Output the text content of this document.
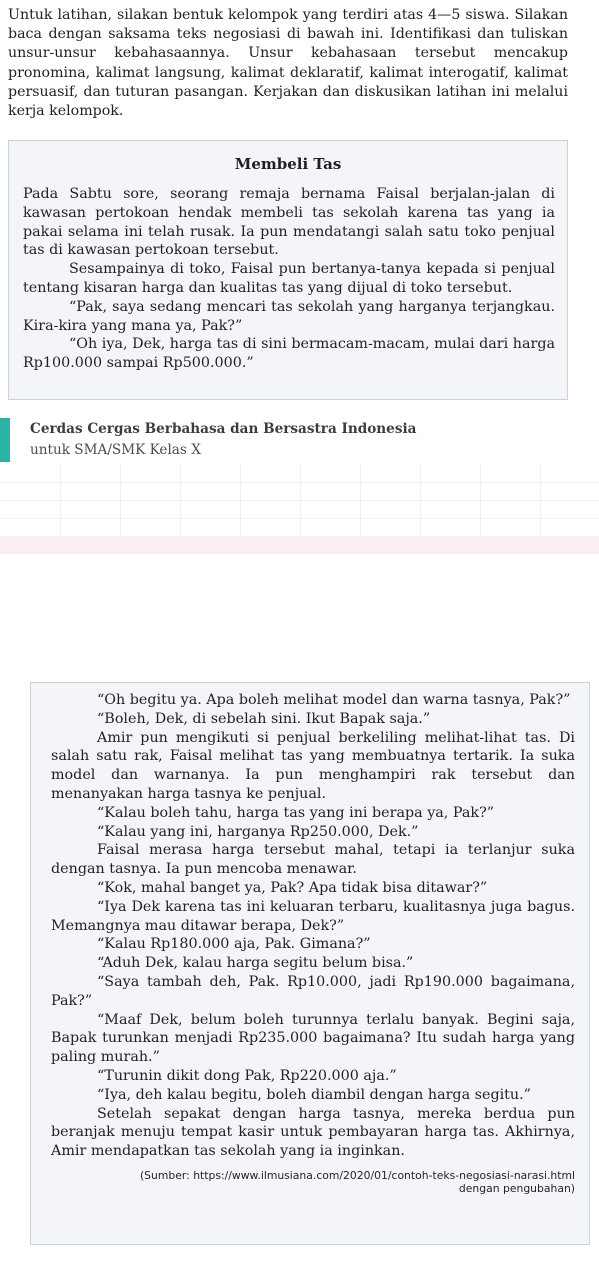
Untuk latihan, silakan bentuk kelompok yang terdiri atas 4—5 siswa. Silakan baca dengan saksama teks negosiasi di bawah ini. Identifikasi dan tuliskan unsur-unsur kebahasaannya. Unsur kebahasaan tersebut mencakup pronomina, kalimat langsung, kalimat deklaratif, kalimat interogatif, kalimat persuasif, dan tuturan pasangan. Kerjakan dan diskusikan latihan ini melalui kerja kelompok.

Membeli Tas

Pada Sabtu sore, seorang remaja bernama Faisal berjalan-jalan di kawasan pertokoan hendak membeli tas sekolah karena tas yang ia pakai selama ini telah rusak. Ia pun mendatangi salah satu toko penjual tas di kawasan pertokoan tersebut.

Sesampainya di toko, Faisal pun bertanya-tanya kepada si penjual tentang kisaran harga dan kualitas tas yang dijual di toko tersebut.

“Pak, saya sedang mencari tas sekolah yang harganya terjangkau. Kira-kira yang mana ya, Pak?”

“Oh iya, Dek, harga tas di sini bermacam-macam, mulai dari harga Rp100.000 sampai Rp500.000.”

Cerdas Cergas Berbahasa dan Bersastra Indonesia
untuk SMA/SMK Kelas X

“Oh begitu ya. Apa boleh melihat model dan warna tasnya, Pak?”

“Boleh, Dek, di sebelah sini. Ikut Bapak saja.”

Amir pun mengikuti si penjual berkeliling melihat-lihat tas. Di salah satu rak, Faisal melihat tas yang membuatnya tertarik. Ia suka model dan warnanya. Ia pun menghampiri rak tersebut dan menanyakan harga tasnya ke penjual.

“Kalau boleh tahu, harga tas yang ini berapa ya, Pak?”

“Kalau yang ini, harganya Rp250.000, Dek.”

Faisal merasa harga tersebut mahal, tetapi ia terlanjur suka dengan tasnya. Ia pun mencoba menawar.

“Kok, mahal banget ya, Pak? Apa tidak bisa ditawar?”

“Iya Dek karena tas ini keluaran terbaru, kualitasnya juga bagus. Memangnya mau ditawar berapa, Dek?”

“Kalau Rp180.000 aja, Pak. Gimana?”

“Aduh Dek, kalau harga segitu belum bisa.”

“Saya tambah deh, Pak. Rp10.000, jadi Rp190.000 bagaimana, Pak?”

“Maaf Dek, belum boleh turunnya terlalu banyak. Begini saja, Bapak turunkan menjadi Rp235.000 bagaimana? Itu sudah harga yang paling murah.”

“Turunin dikit dong Pak, Rp220.000 aja.”

“Iya, deh kalau begitu, boleh diambil dengan harga segitu.”

Setelah sepakat dengan harga tasnya, mereka berdua pun beranjak menuju tempat kasir untuk pembayaran harga tas. Akhirnya, Amir mendapatkan tas sekolah yang ia inginkan.

(Sumber: https://www.ilmusiana.com/2020/01/contoh-teks-negosiasi-narasi.html
dengan pengubahan)
